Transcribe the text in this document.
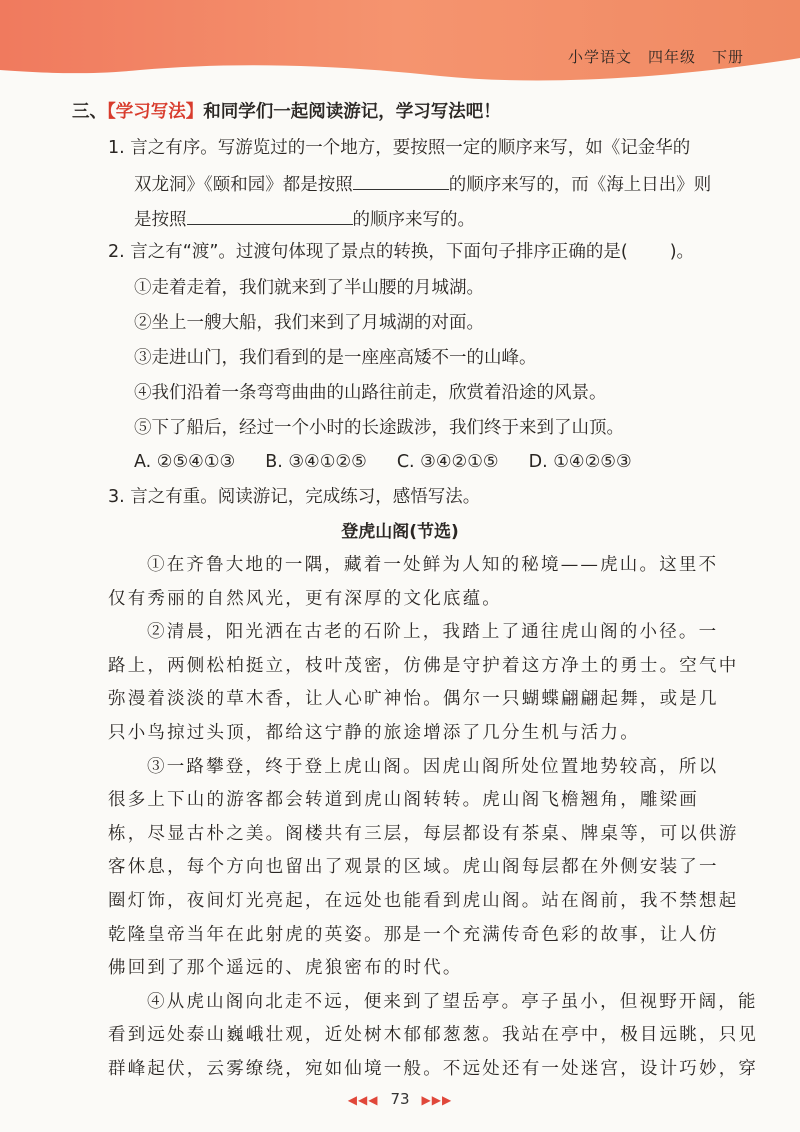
小学语文　四年级　下册
三、【学习写法】和同学们一起阅读游记，学习写法吧！
1. 言之有序。写游览过的一个地方，要按照一定的顺序来写，如《记金华的
双龙洞》《颐和园》都是按照	的顺序来写的，而《海上日出》则
是按照	的顺序来写的。
2. 言之有“渡”。过渡句体现了景点的转换，下面句子排序正确的是( )。
①走着走着，我们就来到了半山腰的月城湖。
②坐上一艘大船，我们来到了月城湖的对面。
③走进山门，我们看到的是一座座高矮不一的山峰。
④我们沿着一条弯弯曲曲的山路往前走，欣赏着沿途的风景。
⑤下了船后，经过一个小时的长途跋涉，我们终于来到了山顶。
A. ②⑤④①③ B. ③④①②⑤ C. ③④②①⑤ D. ①④②⑤③
3. 言之有重。阅读游记，完成练习，感悟写法。
登虎山阁(节选)
①在齐鲁大地的一隅，藏着一处鲜为人知的秘境——虎山。这里不
仅有秀丽的自然风光，更有深厚的文化底蕴。
②清晨，阳光洒在古老的石阶上，我踏上了通往虎山阁的小径。一
路上，两侧松柏挺立，枝叶茂密，仿佛是守护着这方净土的勇士。空气中
弥漫着淡淡的草木香，让人心旷神怡。偶尔一只蝴蝶翩翩起舞，或是几
只小鸟掠过头顶，都给这宁静的旅途增添了几分生机与活力。
③一路攀登，终于登上虎山阁。因虎山阁所处位置地势较高，所以
很多上下山的游客都会转道到虎山阁转转。虎山阁飞檐翘角，雕梁画
栋，尽显古朴之美。阁楼共有三层，每层都设有茶桌、牌桌等，可以供游
客休息，每个方向也留出了观景的区域。虎山阁每层都在外侧安装了一
圈灯饰，夜间灯光亮起，在远处也能看到虎山阁。站在阁前，我不禁想起
乾隆皇帝当年在此射虎的英姿。那是一个充满传奇色彩的故事，让人仿
佛回到了那个遥远的、虎狼密布的时代。
④从虎山阁向北走不远，便来到了望岳亭。亭子虽小，但视野开阔，能
看到远处泰山巍峨壮观，近处树木郁郁葱葱。我站在亭中，极目远眺，只见
群峰起伏，云雾缭绕，宛如仙境一般。不远处还有一处迷宫，设计巧妙，穿
◀◀◀ 73 ▶▶▶
